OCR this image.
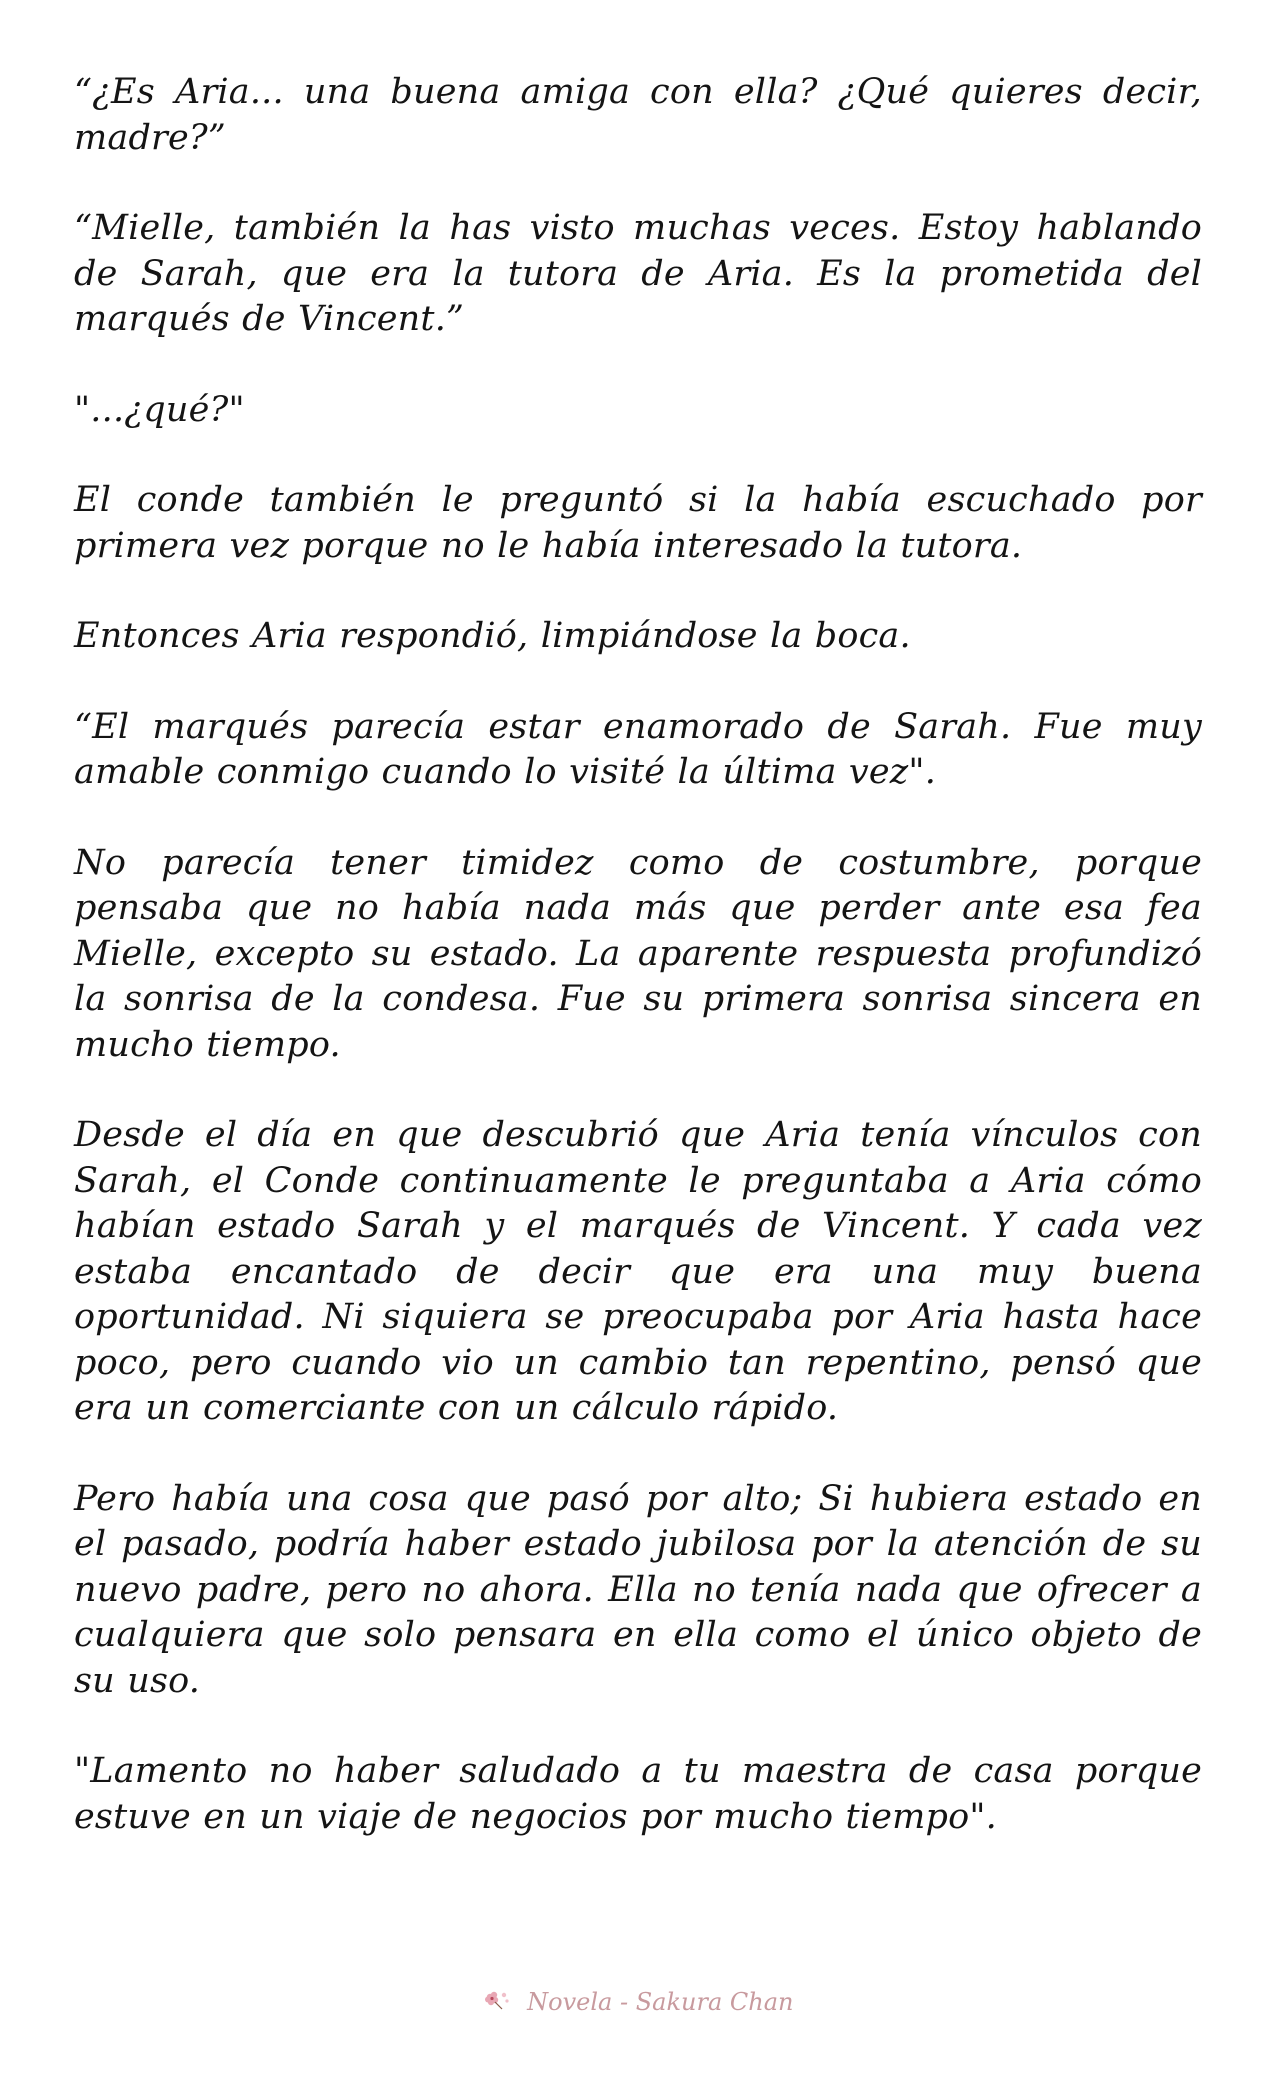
“¿Es Aria... una buena amiga con ella? ¿Qué quieres decir, madre?”

“Mielle, también la has visto muchas veces. Estoy hablando de Sarah, que era la tutora de Aria. Es la prometida del marqués de Vincent.”

"...¿qué?"

El conde también le preguntó si la había escuchado por primera vez porque no le había interesado la tutora.

Entonces Aria respondió, limpiándose la boca.

“El marqués parecía estar enamorado de Sarah. Fue muy amable conmigo cuando lo visité la última vez".

No parecía tener timidez como de costumbre, porque pensaba que no había nada más que perder ante esa fea Mielle, excepto su estado. La aparente respuesta profundizó la sonrisa de la condesa. Fue su primera sonrisa sincera en mucho tiempo.

Desde el día en que descubrió que Aria tenía vínculos con Sarah, el Conde continuamente le preguntaba a Aria cómo habían estado Sarah y el marqués de Vincent. Y cada vez estaba encantado de decir que era una muy buena oportunidad. Ni siquiera se preocupaba por Aria hasta hace poco, pero cuando vio un cambio tan repentino, pensó que era un comerciante con un cálculo rápido.

Pero había una cosa que pasó por alto; Si hubiera estado en el pasado, podría haber estado jubilosa por la atención de su nuevo padre, pero no ahora. Ella no tenía nada que ofrecer a cualquiera que solo pensara en ella como el único objeto de su uso.

"Lamento no haber saludado a tu maestra de casa porque estuve en un viaje de negocios por mucho tiempo".

Novela - Sakura Chan
